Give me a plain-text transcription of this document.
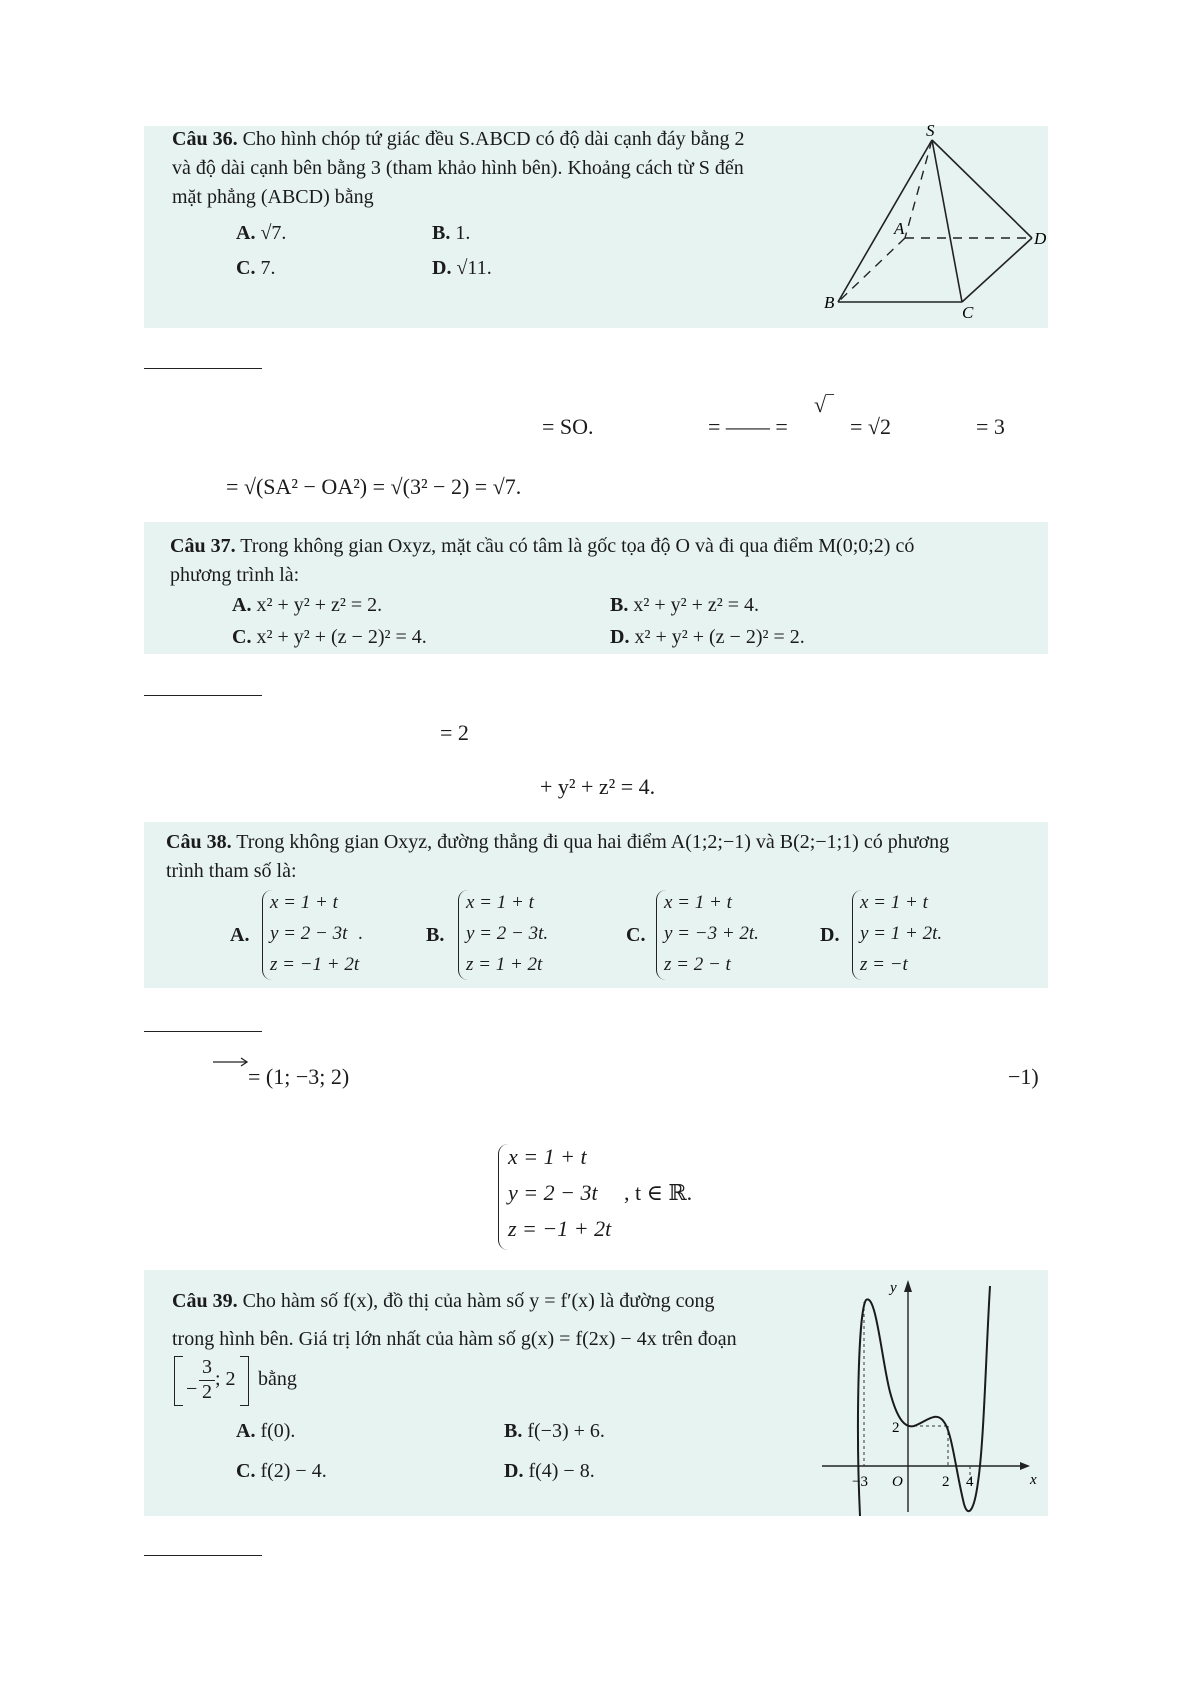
Câu 36. Cho hình chóp tứ giác đều S.ABCD có độ dài cạnh đáy bằng 2
và độ dài cạnh bên bằng 3 (tham khảo hình bên). Khoảng cách từ S đến
mặt phẳng (ABCD) bằng
A. √7.	B. 1.
C. 7.	D. √11.
S
A
B
C
D
= SO.	= —— =
√‾
= √2	= 3
= √(SA² − OA²) = √(3² − 2) = √7.
Câu 37. Trong không gian Oxyz, mặt cầu có tâm là gốc tọa độ O và đi qua điểm M(0;0;2) có
phương trình là:
A. x² + y² + z² = 2.	B. x² + y² + z² = 4.
C. x² + y² + (z − 2)² = 4.	D. x² + y² + (z − 2)² = 2.
= 2
+ y² + z² = 4.
Câu 38. Trong không gian Oxyz, đường thẳng đi qua hai điểm A(1;2;−1) và B(2;−1;1) có phương
trình tham số là:
A.
x = 1 + t
y = 2 − 3t .
z = −1 + 2t
B.
x = 1 + t
y = 2 − 3t.
z = 1 + 2t
C.
x = 1 + t
y = −3 + 2t.
z = 2 − t
D.
x = 1 + t
y = 1 + 2t.
z = −t
= (1; −3; 2)	−1)
x = 1 + t
y = 2 − 3t , t ∈ ℝ.
z = −1 + 2t
Câu 39. Cho hàm số f(x), đồ thị của hàm số y = f′(x) là đường cong
trong hình bên. Giá trị lớn nhất của hàm số g(x) = f(2x) − 4x trên đoạn
−
3
2
; 2 bằng
A. f(0).	B. f(−3) + 6.
C. f(2) − 4.	D. f(4) − 8.
y
x
−3 O	2 4
2
